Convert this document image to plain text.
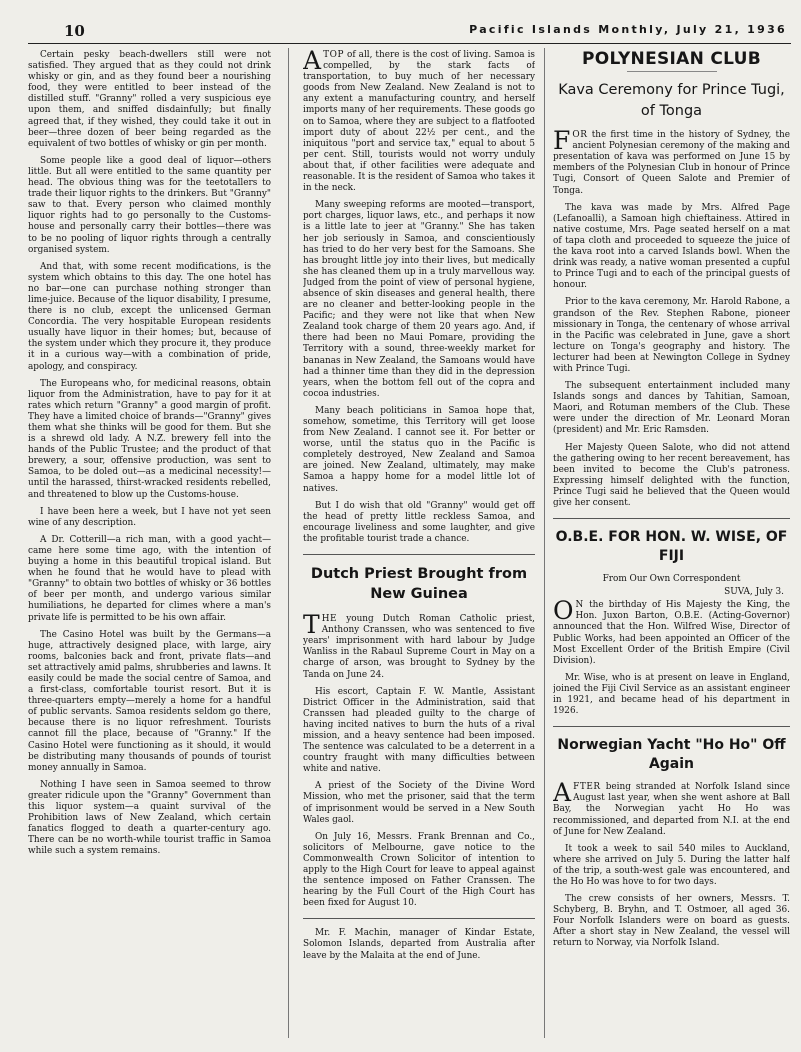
10	Pacific Islands Monthly, July 21, 1936

Certain pesky beach-dwellers still were not satisfied. They argued that as they could not drink whisky or gin, and as they found beer a nourishing food, they were entitled to beer instead of the distilled stuff. "Granny" rolled a very suspicious eye upon them, and sniffed disdainfully; but finally agreed that, if they wished, they could take it out in beer—three dozen of beer being regarded as the equivalent of two bottles of whisky or gin per month.

Some people like a good deal of liquor—others little. But all were entitled to the same quantity per head. The obvious thing was for the teetotallers to trade their liquor rights to the drinkers. But "Granny" saw to that. Every person who claimed monthly liquor rights had to go personally to the Customs-house and personally carry their bottles—there was to be no pooling of liquor rights through a centrally organised system.

And that, with some recent modifications, is the system which obtains to this day. The one hotel has no bar—one can purchase nothing stronger than lime-juice. Because of the liquor disability, I presume, there is no club, except the unlicensed German Concordia. The very hospitable European residents usually have liquor in their homes; but, because of the system under which they procure it, they produce it in a curious way—with a combination of pride, apology, and conspiracy.

The Europeans who, for medicinal reasons, obtain liquor from the Administration, have to pay for it at rates which return "Granny" a good margin of profit. They have a limited choice of brands—"Granny" gives them what she thinks will be good for them. But she is a shrewd old lady. A N.Z. brewery fell into the hands of the Public Trustee; and the product of that brewery, a sour, offensive production, was sent to Samoa, to be doled out—as a medicinal necessity!—until the harassed, thirst-wracked residents rebelled, and threatened to blow up the Customs-house.

I have been here a week, but I have not yet seen wine of any description.

A Dr. Cotterill—a rich man, with a good yacht—came here some time ago, with the intention of buying a home in this beautiful tropical island. But when he found that he would have to plead with "Granny" to obtain two bottles of whisky or 36 bottles of beer per month, and undergo various similar humiliations, he departed for climes where a man's private life is permitted to be his own affair.

The Casino Hotel was built by the Germans—a huge, attractively designed place, with large, airy rooms, balconies back and front, private flats—and set attractively amid palms, shrubberies and lawns. It easily could be made the social centre of Samoa, and a first-class, comfortable tourist resort. But it is three-quarters empty—merely a home for a handful of public servants. Samoa residents seldom go there, because there is no liquor refreshment. Tourists cannot fill the place, because of "Granny." If the Casino Hotel were functioning as it should, it would be distributing many thousands of pounds of tourist money annually in Samoa.

Nothing I have seen in Samoa seemed to throw greater ridicule upon the "Granny" Government than this liquor system—a quaint survival of the Prohibition laws of New Zealand, which certain fanatics flogged to death a quarter-century ago. There can be no worth-while tourist traffic in Samoa while such a system remains.

ATOP of all, there is the cost of living. Samoa is compelled, by the stark facts of transportation, to buy much of her necessary goods from New Zealand. New Zealand is not to any extent a manufacturing country, and herself imports many of her requirements. These goods go on to Samoa, where they are subject to a flatfooted import duty of about 22½ per cent., and the iniquitous "port and service tax," equal to about 5 per cent. Still, tourists would not worry unduly about that, if other facilities were adequate and reasonable. It is the resident of Samoa who takes it in the neck.

Many sweeping reforms are mooted—transport, port charges, liquor laws, etc., and perhaps it now is a little late to jeer at "Granny." She has taken her job seriously in Samoa, and conscientiously has tried to do her very best for the Samoans. She has brought little joy into their lives, but medically she has cleaned them up in a truly marvellous way. Judged from the point of view of personal hygiene, absence of skin diseases and general health, there are no cleaner and better-looking people in the Pacific; and they were not like that when New Zealand took charge of them 20 years ago. And, if there had been no Maui Pomare, providing the Territory with a sound, three-weekly market for bananas in New Zealand, the Samoans would have had a thinner time than they did in the depression years, when the bottom fell out of the copra and cocoa industries.

Many beach politicians in Samoa hope that, somehow, sometime, this Territory will get loose from New Zealand. I cannot see it. For better or worse, until the status quo in the Pacific is completely destroyed, New Zealand and Samoa are joined. New Zealand, ultimately, may make Samoa a happy home for a model little lot of natives.

But I do wish that old "Granny" would get off the head of pretty little reckless Samoa, and encourage liveliness and some laughter, and give the profitable tourist trade a chance.

Dutch Priest Brought from New Guinea

THE young Dutch Roman Catholic priest, Anthony Cranssen, who was sentenced to five years' imprisonment with hard labour by Judge Wanliss in the Rabaul Supreme Court in May on a charge of arson, was brought to Sydney by the Tanda on June 24.

His escort, Captain F. W. Mantle, Assistant District Officer in the Administration, said that Cranssen had pleaded guilty to the charge of having incited natives to burn the huts of a rival mission, and a heavy sentence had been imposed. The sentence was calculated to be a deterrent in a country fraught with many difficulties between white and native.

A priest of the Society of the Divine Word Mission, who met the prisoner, said that the term of imprisonment would be served in a New South Wales gaol.

On July 16, Messrs. Frank Brennan and Co., solicitors of Melbourne, gave notice to the Commonwealth Crown Solicitor of intention to apply to the High Court for leave to appeal against the sentence imposed on Father Cranssen. The hearing by the Full Court of the High Court has been fixed for August 10.

Mr. F. Machin, manager of Kindar Estate, Solomon Islands, departed from Australia after leave by the Malaita at the end of June.

POLYNESIAN CLUB
Kava Ceremony for Prince Tugi, of Tonga

FOR the first time in the history of Sydney, the ancient Polynesian ceremony of the making and presentation of kava was performed on June 15 by members of the Polynesian Club in honour of Prince Tugi, Consort of Queen Salote and Premier of Tonga.

The kava was made by Mrs. Alfred Page (Lefanoalli), a Samoan high chieftainess. Attired in native costume, Mrs. Page seated herself on a mat of tapa cloth and proceeded to squeeze the juice of the kava root into a carved Islands bowl. When the drink was ready, a native woman presented a cupful to Prince Tugi and to each of the principal guests of honour.

Prior to the kava ceremony, Mr. Harold Rabone, a grandson of the Rev. Stephen Rabone, pioneer missionary in Tonga, the centenary of whose arrival in the Pacific was celebrated in June, gave a short lecture on Tonga's geography and history. The lecturer had been at Newington College in Sydney with Prince Tugi.

The subsequent entertainment included many Islands songs and dances by Tahitian, Samoan, Maori, and Rotuman members of the Club. These were under the direction of Mr. Leonard Moran (president) and Mr. Eric Ramsden.

Her Majesty Queen Salote, who did not attend the gathering owing to her recent bereavement, has been invited to become the Club's patroness. Expressing himself delighted with the function, Prince Tugi said he believed that the Queen would give her consent.

O.B.E. FOR HON. W. WISE, OF FIJI
From Our Own Correspondent
SUVA, July 3.

O N the birthday of His Majesty the King, the Hon. Juxon Barton, O.B.E. (Acting-Governor) announced that the Hon. Wilfred Wise, Director of Public Works, had been appointed an Officer of the Most Excellent Order of the British Empire (Civil Division).

Mr. Wise, who is at present on leave in England, joined the Fiji Civil Service as an assistant engineer in 1921, and became head of his department in 1926.

Norwegian Yacht "Ho Ho" Off Again

AFTER being stranded at Norfolk Island since August last year, when she went ashore at Ball Bay, the Norwegian yacht Ho Ho was recommissioned, and departed from N.I. at the end of June for New Zealand.

It took a week to sail 540 miles to Auckland, where she arrived on July 5. During the latter half of the trip, a south-west gale was encountered, and the Ho Ho was hove to for two days.

The crew consists of her owners, Messrs. T. Schyberg, B. Bryhn, and T. Ostmoer, all aged 36. Four Norfolk Islanders were on board as guests. After a short stay in New Zealand, the vessel will return to Norway, via Norfolk Island.
